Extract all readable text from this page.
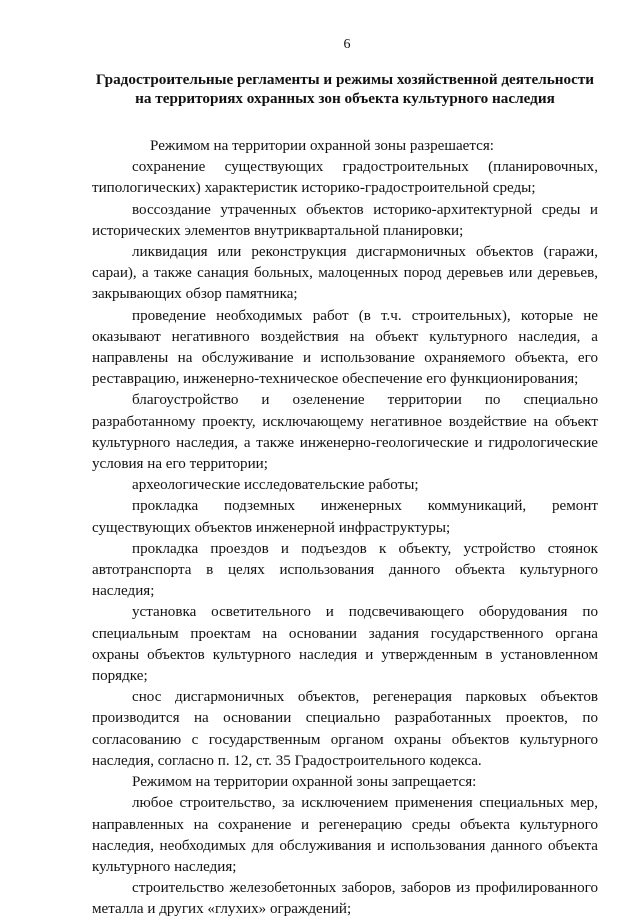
6
Градостроительные регламенты и режимы хозяйственной деятельности
на территориях охранных зон объекта культурного наследия

Режимом на территории охранной зоны разрешается:

сохранение существующих градостроительных (планировочных, типологических) характеристик историко-градостроительной среды;

воссоздание утраченных объектов историко-архитектурной среды и исторических элементов внутриквартальной планировки;

ликвидация или реконструкция дисгармоничных объектов (гаражи, сараи), а также санация больных, малоценных пород деревьев или деревьев, закрывающих обзор памятника;

проведение необходимых работ (в т.ч. строительных), которые не оказывают негативного воздействия на объект культурного наследия, а направлены на обслуживание и использование охраняемого объекта, его реставрацию, инженерно-техническое обеспечение его функционирования;

благоустройство и озеленение территории по специально разработанному проекту, исключающему негативное воздействие на объект культурного наследия, а также инженерно-геологические и гидрологические условия на его территории;

археологические исследовательские работы;

прокладка подземных инженерных коммуникаций, ремонт существующих объектов инженерной инфраструктуры;

прокладка проездов и подъездов к объекту, устройство стоянок автотранспорта в целях использования данного объекта культурного наследия;

установка осветительного и подсвечивающего оборудования по специальным проектам на основании задания государственного органа охраны объектов культурного наследия и утвержденным в установленном порядке;

снос дисгармоничных объектов, регенерация парковых объектов производится на основании специально разработанных проектов, по согласованию с государственным органом охраны объектов культурного наследия, согласно п. 12, ст. 35 Градостроительного кодекса.

Режимом на территории охранной зоны запрещается:

любое строительство, за исключением применения специальных мер, направленных на сохранение и регенерацию среды объекта культурного наследия, необходимых для обслуживания и использования данного объекта культурного наследия;

строительство железобетонных заборов, заборов из профилированного металла и других «глухих» ограждений;
